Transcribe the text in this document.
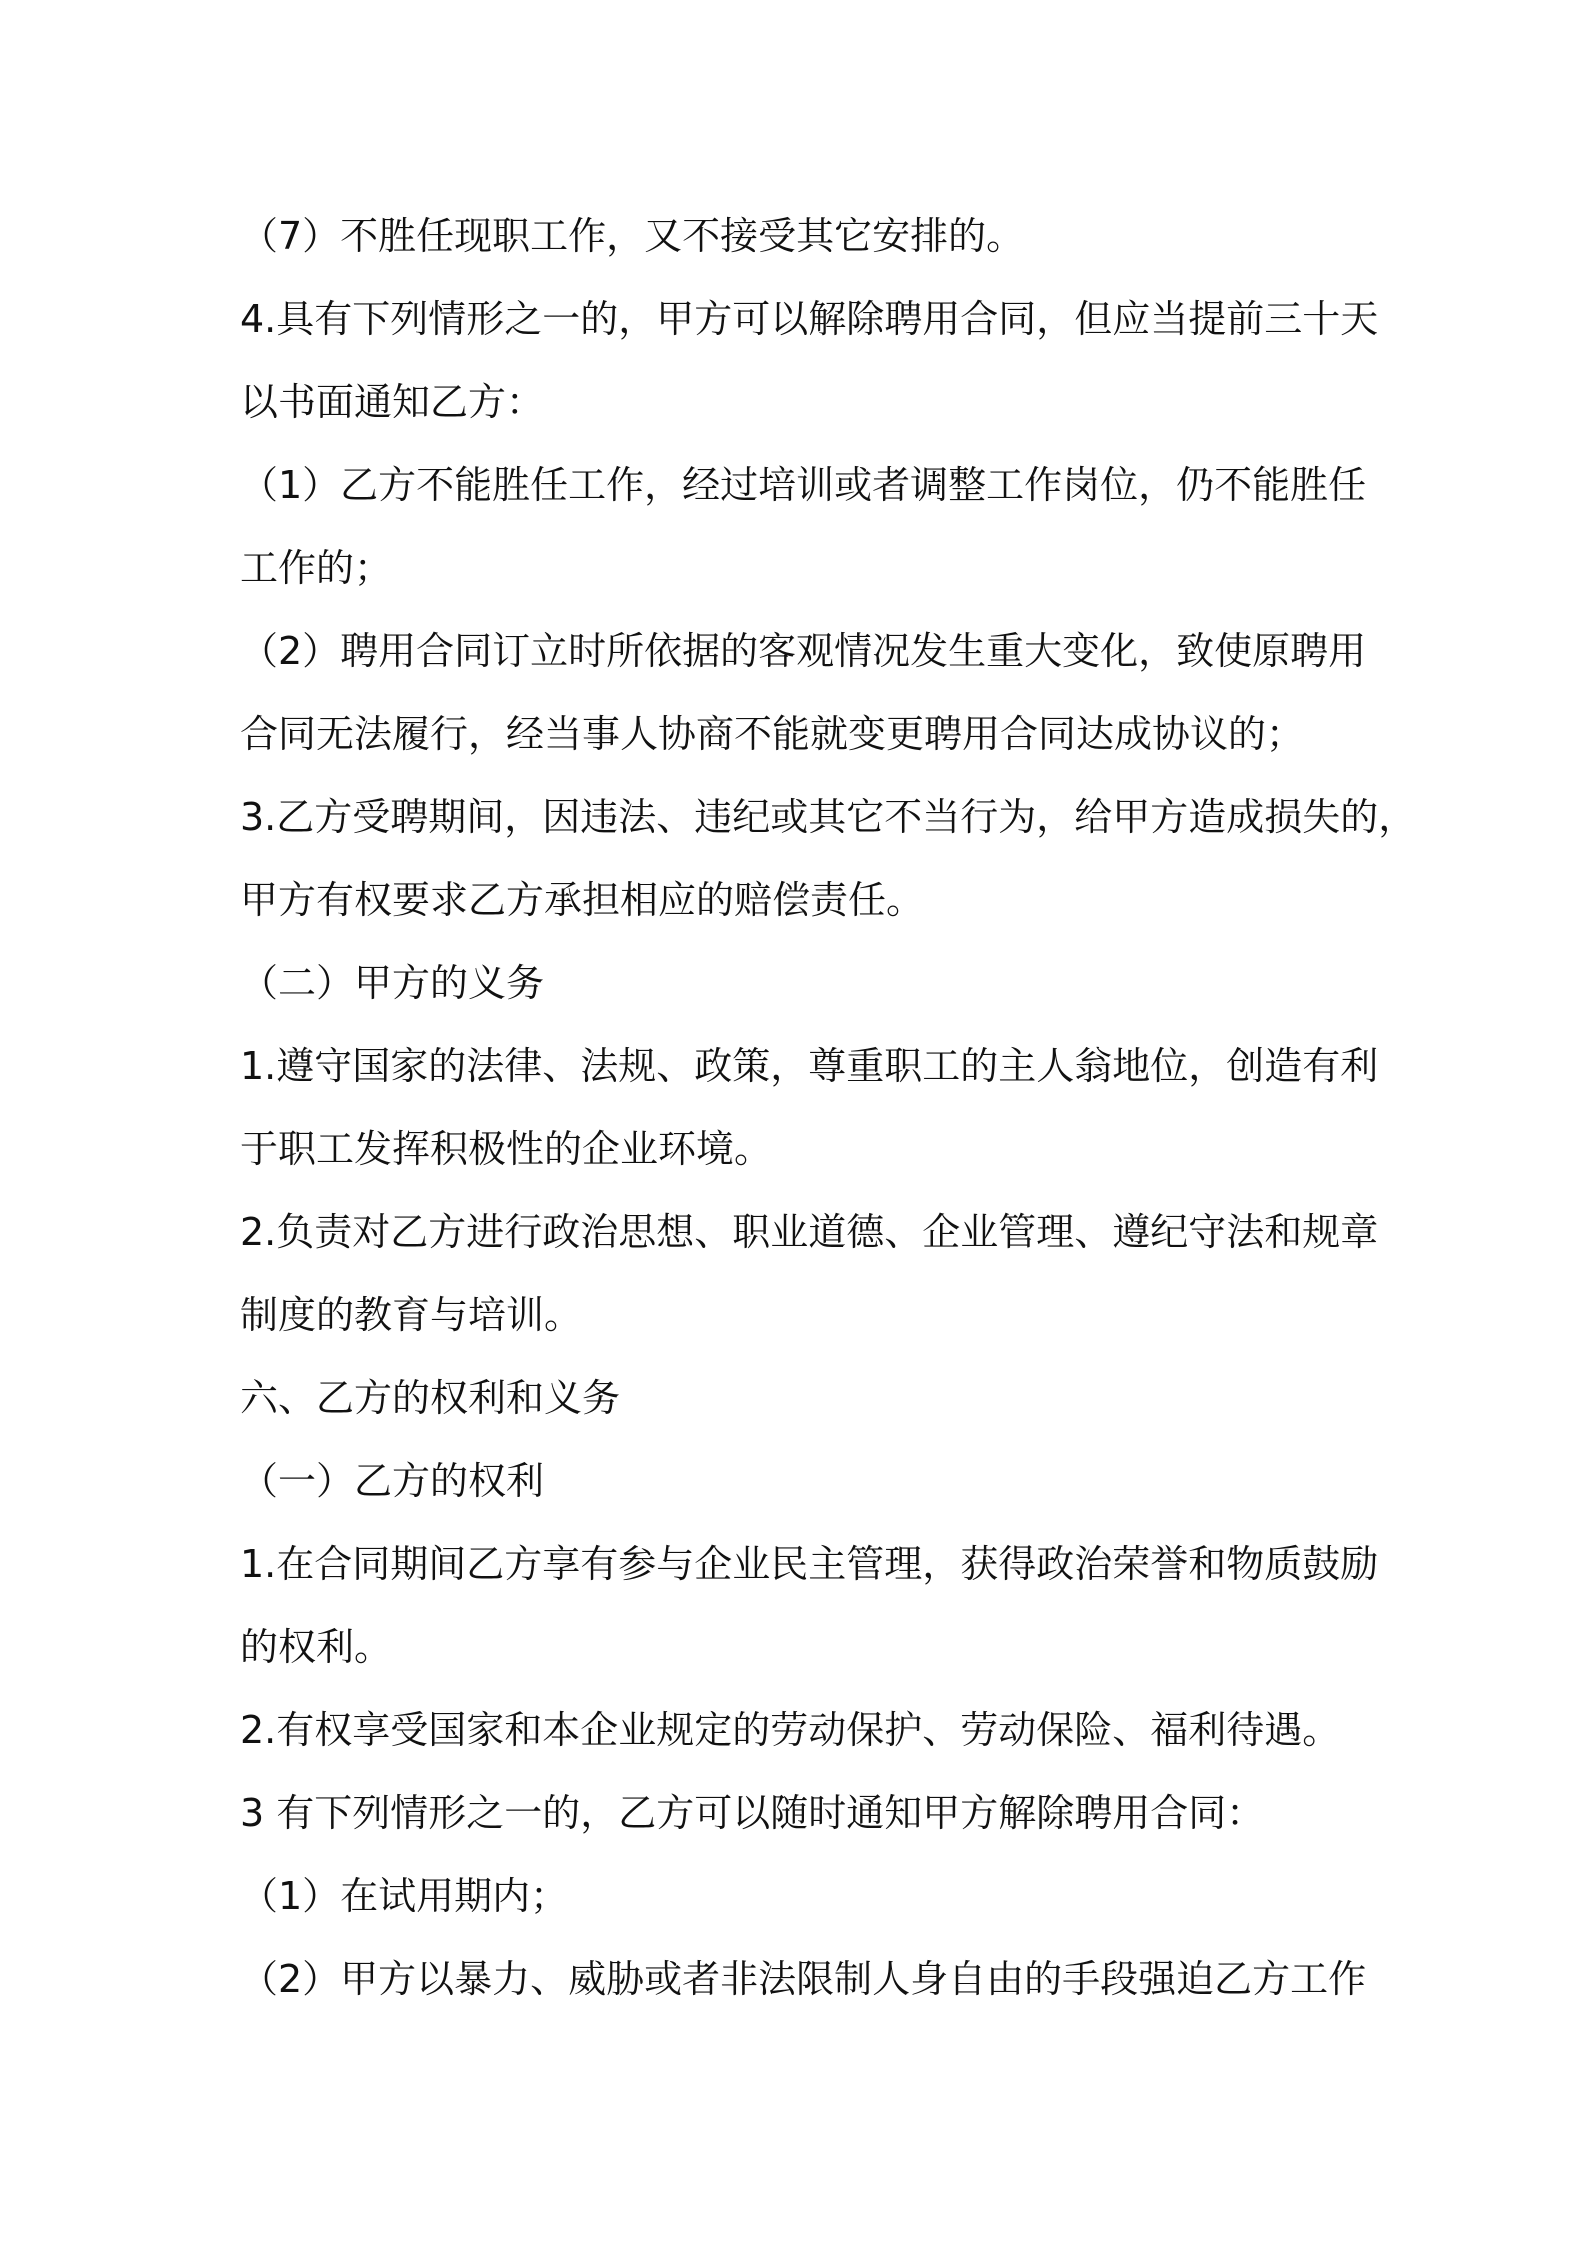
（7）不胜任现职工作，又不接受其它安排的。

4.具有下列情形之一的，甲方可以解除聘用合同，但应当提前三十天

以书面通知乙方：

（1）乙方不能胜任工作，经过培训或者调整工作岗位，仍不能胜任

工作的；

（2）聘用合同订立时所依据的客观情况发生重大变化，致使原聘用

合同无法履行，经当事人协商不能就变更聘用合同达成协议的；

3.乙方受聘期间，因违法、违纪或其它不当行为，给甲方造成损失的，

甲方有权要求乙方承担相应的赔偿责任。

（二）甲方的义务

1.遵守国家的法律、法规、政策，尊重职工的主人翁地位，创造有利

于职工发挥积极性的企业环境。

2.负责对乙方进行政治思想、职业道德、企业管理、遵纪守法和规章

制度的教育与培训。

六、乙方的权利和义务

（一）乙方的权利

1.在合同期间乙方享有参与企业民主管理，获得政治荣誉和物质鼓励

的权利。

2.有权享受国家和本企业规定的劳动保护、劳动保险、福利待遇。

3 有下列情形之一的，乙方可以随时通知甲方解除聘用合同：

（1）在试用期内；

（2）甲方以暴力、威胁或者非法限制人身自由的手段强迫乙方工作
